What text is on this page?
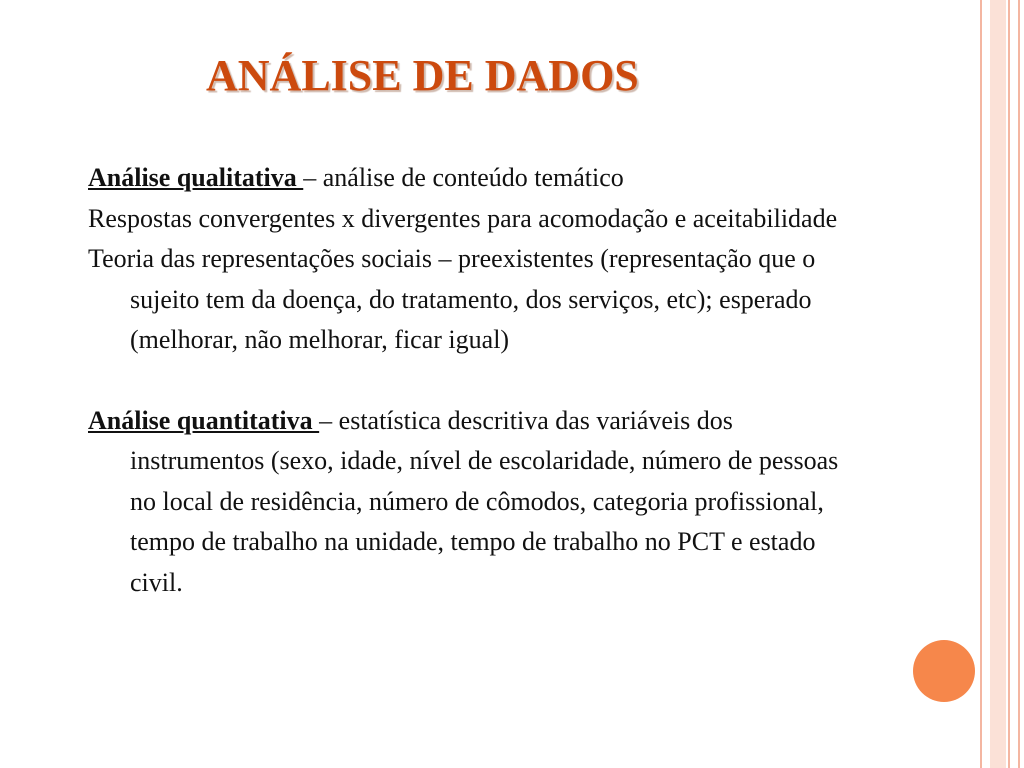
ANÁLISE DE DADOS

Análise qualitativa – análise de conteúdo temático

Respostas convergentes x divergentes para acomodação e aceitabilidade

Teoria das representações sociais – preexistentes (representação que o sujeito tem da doença, do tratamento, dos serviços, etc); esperado (melhorar, não melhorar, ficar igual)

Análise quantitativa – estatística descritiva das variáveis dos instrumentos (sexo, idade, nível de escolaridade, número de pessoas no local de residência, número de cômodos, categoria profissional, tempo de trabalho na unidade, tempo de trabalho no PCT e estado civil.
